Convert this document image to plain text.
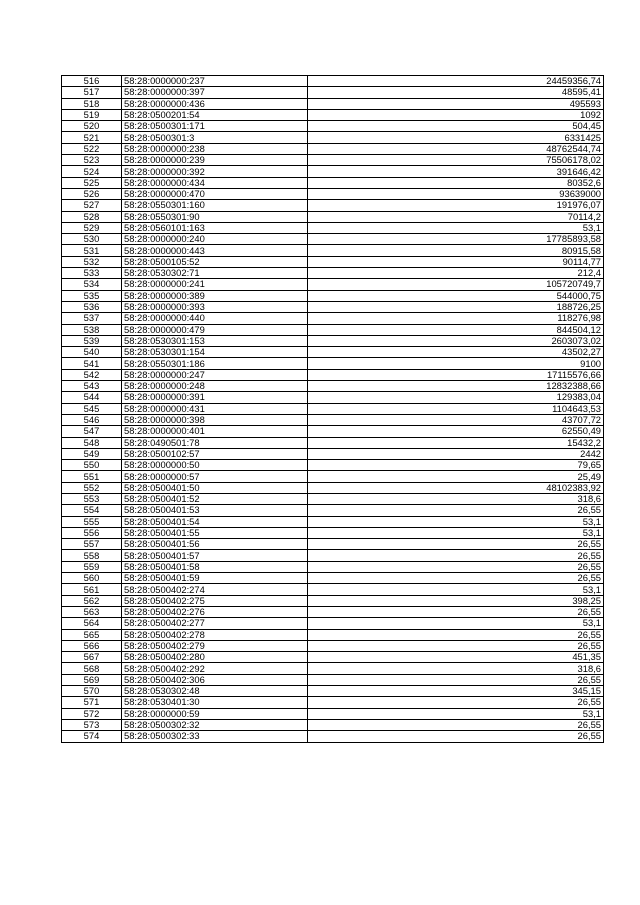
516	58:28:0000000:237	24459356,74
517	58:28:0000000:397	48595,41
518	58:28:0000000:436	495593
519	58:28:0500201:54	1092
520	58:28:0500301:171	504,45
521	58:28:0500301:3	6331425
522	58:28:0000000:238	48762544,74
523	58:28:0000000:239	75506178,02
524	58:28:0000000:392	391646,42
525	58:28:0000000:434	80352,6
526	58:28:0000000:470	93639000
527	58:28:0550301:160	191976,07
528	58:28:0550301:90	70114,2
529	58:28:0560101:163	53,1
530	58:28:0000000:240	17785893,58
531	58:28:0000000:443	80915,58
532	58:28:0500105:52	90114,77
533	58:28:0530302:71	212,4
534	58:28:0000000:241	105720749,7
535	58:28:0000000:389	544000,75
536	58:28:0000000:393	188726,25
537	58:28:0000000:440	118276,98
538	58:28:0000000:479	844504,12
539	58:28:0530301:153	2603073,02
540	58:28:0530301:154	43502,27
541	58:28:0550301:186	9100
542	58:28:0000000:247	17115576,66
543	58:28:0000000:248	12832388,66
544	58:28:0000000:391	129383,04
545	58:28:0000000:431	1104643,53
546	58:28:0000000:398	43707,72
547	58:28:0000000:401	62550,49
548	58:28:0490501:78	15432,2
549	58:28:0500102:57	2442
550	58:28:0000000:50	79,65
551	58:28:0000000:57	25,49
552	58:28:0500401:50	48102383,92
553	58:28:0500401:52	318,6
554	58:28:0500401:53	26,55
555	58:28:0500401:54	53,1
556	58:28:0500401:55	53,1
557	58:28:0500401:56	26,55
558	58:28:0500401:57	26,55
559	58:28:0500401:58	26,55
560	58:28:0500401:59	26,55
561	58:28:0500402:274	53,1
562	58:28:0500402:275	398,25
563	58:28:0500402:276	26,55
564	58:28:0500402:277	53,1
565	58:28:0500402:278	26,55
566	58:28:0500402:279	26,55
567	58:28:0500402:280	451,35
568	58:28:0500402:292	318,6
569	58:28:0500402:306	26,55
570	58:28:0530302:48	345,15
571	58:28:0530401:30	26,55
572	58:28:0000000:59	53,1
573	58:28:0500302:32	26,55
574	58:28:0500302:33	26,55
